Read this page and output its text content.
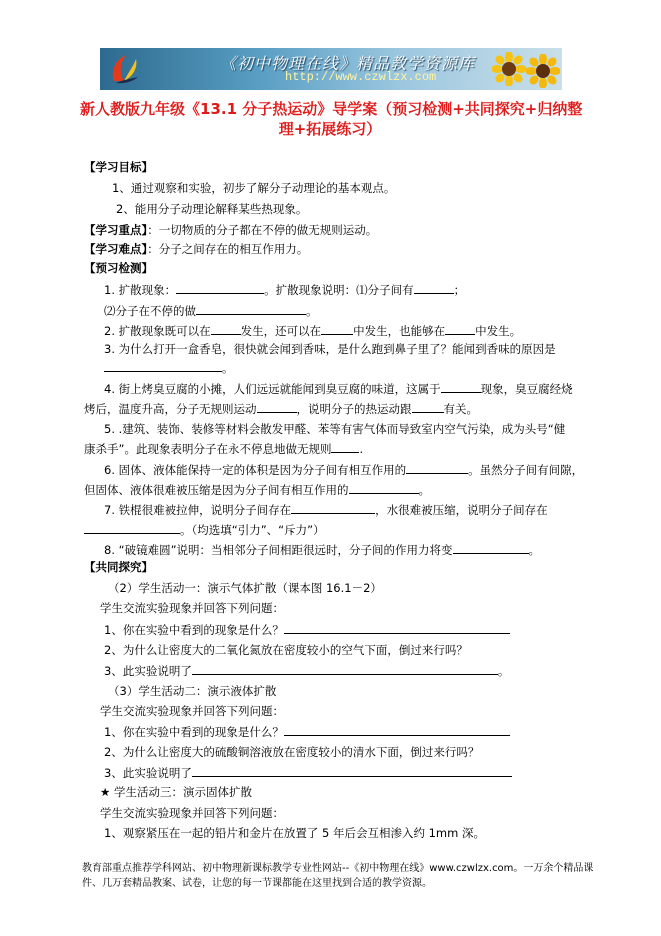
《初中物理在线》精品教学资源库
http://www.czwlzx.com
新人教版九年级《13.1 分子热运动》导学案（预习检测+共同探究+归纳整
理+拓展练习）
【学习目标】
1、通过观察和实验，初步了解分子动理论的基本观点。
2、能用分子动理论解释某些热现象。
【学习重点】：一切物质的分子都在不停的做无规则运动。
【学习难点】：分子之间存在的相互作用力。
【预习检测】
1. 扩散现象：	。扩散现象说明：⑴分子间有	；
⑵分子在不停的做	。
2. 扩散现象既可以在	发生，还可以在	中发生，也能够在	中发生。
3. 为什么打开一盒香皂，很快就会闻到香味，是什么跑到鼻子里了？能闻到香味的原因是
。
4. 街上烤臭豆腐的小摊，人们远远就能闻到臭豆腐的味道，这属于	现象，臭豆腐经烧
烤后，温度升高，分子无规则运动	，说明分子的热运动跟	有关。
5. .建筑、装饰、装修等材料会散发甲醛、苯等有害气体而导致室内空气污染，成为头号“健
康杀手”。此现象表明分子在永不停息地做无规则 .
6. 固体、液体能保持一定的体积是因为分子间有相互作用的	。虽然分子间有间隙，
但固体、液体很难被压缩是因为分子间有相互作用的	。
7. 铁棍很难被拉伸，说明分子间存在	，水很难被压缩，说明分子间存在
。（均选填“引力”、“斥力”）
8. “破镜难圆”说明：当相邻分子间相距很远时，分子间的作用力将变	。
【共同探究】
（2）学生活动一：演示气体扩散（课本图 16.1－2）
学生交流实验现象并回答下列问题：
1、你在实验中看到的现象是什么？
2、为什么让密度大的二氧化氮放在密度较小的空气下面，倒过来行吗？
3、此实验说明了	。
（3）学生活动二：演示液体扩散
学生交流实验现象并回答下列问题：
1、你在实验中看到的现象是什么？
2、为什么让密度大的硫酸铜溶液放在密度较小的清水下面，倒过来行吗？
3、此实验说明了
★ 学生活动三：演示固体扩散
学生交流实验现象并回答下列问题：
1、观察紧压在一起的铅片和金片在放置了 5 年后会互相渗入约 1mm 深。
教育部重点推荐学科网站、初中物理新课标教学专业性网站--《初中物理在线》www.czwlzx.com。一万余个精品课
件、几万套精品教案、试卷，让您的每一节课都能在这里找到合适的教学资源。
